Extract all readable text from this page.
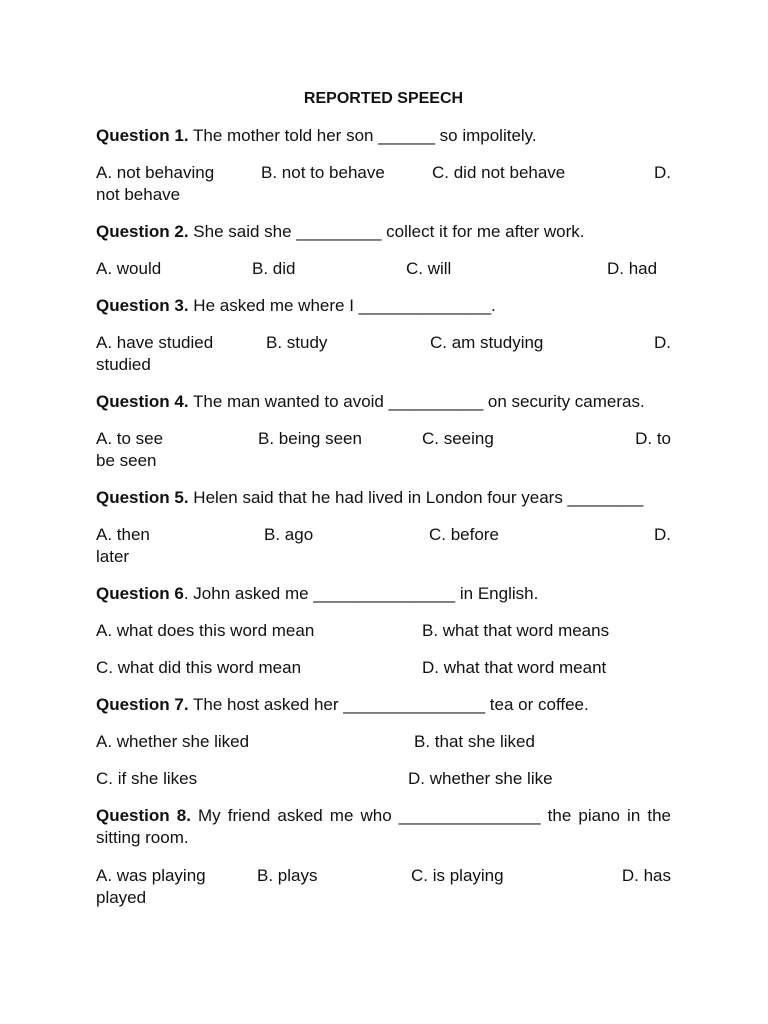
REPORTED SPEECH

Question 1. The mother told her son ______ so impolitely.

A. not behaving	B. not to behave	C. did not behave	D.
not behave

Question 2. She said she _________ collect it for me after work.

A. would	B. did	C. will	D. had

Question 3. He asked me where I ______________.

A. have studied	B. study	C. am studying	D.
studied

Question 4. The man wanted to avoid __________ on security cameras.

A. to see	B. being seen	C. seeing	D. to
be seen

Question 5. Helen said that he had lived in London four years ________

A. then	B. ago	C. before	D.
later

Question 6. John asked me _______________ in English.

A. what does this word mean	B. what that word means
C. what did this word mean	D. what that word meant

Question 7. The host asked her _______________ tea or coffee.

A. whether she liked	B. that she liked
C. if she likes	D. whether she like

Question 8. My friend asked me who _______________ the piano in the sitting room.

A. was playing	B. plays	C. is playing	D. has
played
